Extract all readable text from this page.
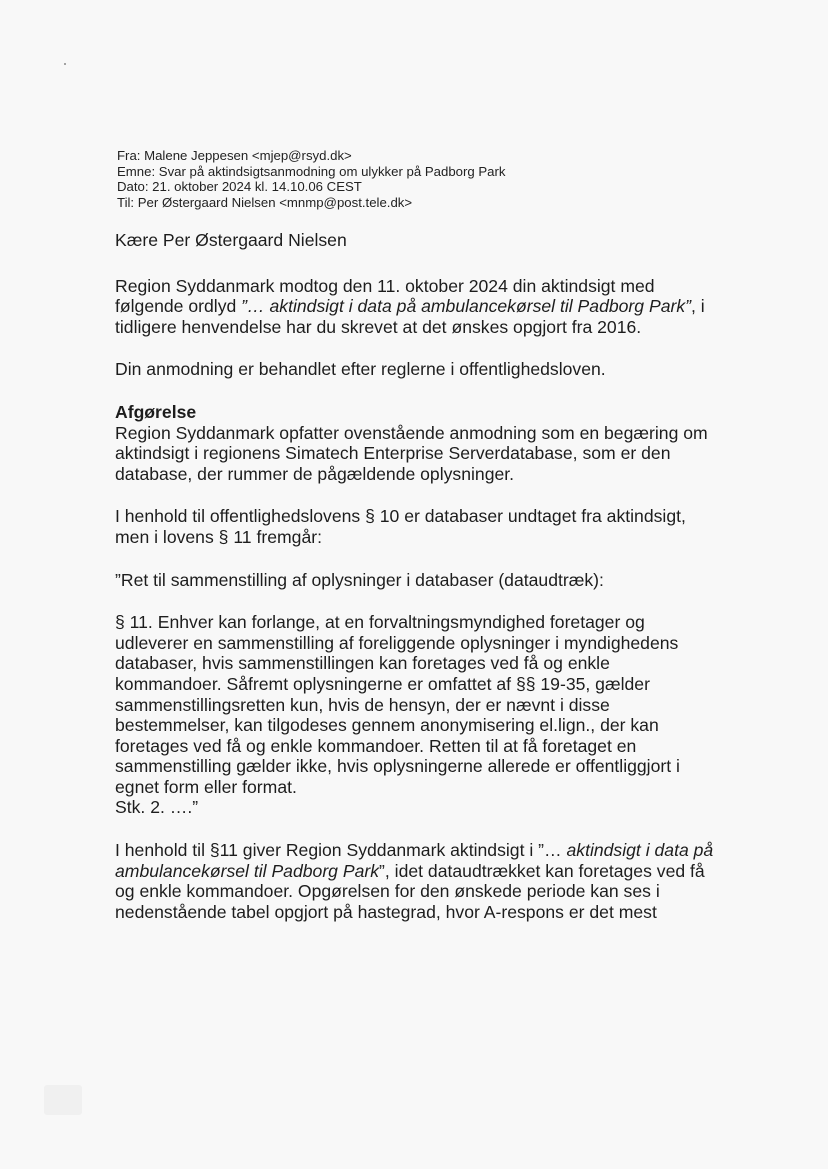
Fra: Malene Jeppesen <mjep@rsyd.dk>
Emne: Svar på aktindsigtsanmodning om ulykker på Padborg Park
Dato: 21. oktober 2024 kl. 14.10.06 CEST
Til: Per Østergaard Nielsen <mnmp@post.tele.dk>

Kære Per Østergaard Nielsen

Region Syddanmark modtog den 11. oktober 2024 din aktindsigt med
følgende ordlyd ”… aktindsigt i data på ambulancekørsel til Padborg Park”, i
tidligere henvendelse har du skrevet at det ønskes opgjort fra 2016.

Din anmodning er behandlet efter reglerne i offentlighedsloven.

Afgørelse

Region Syddanmark opfatter ovenstående anmodning som en begæring om
aktindsigt i regionens Simatech Enterprise Serverdatabase, som er den
database, der rummer de pågældende oplysninger.

I henhold til offentlighedslovens § 10 er databaser undtaget fra aktindsigt,
men i lovens § 11 fremgår:

”Ret til sammenstilling af oplysninger i databaser (dataudtræk):

§ 11. Enhver kan forlange, at en forvaltningsmyndighed foretager og
udleverer en sammenstilling af foreliggende oplysninger i myndighedens
databaser, hvis sammenstillingen kan foretages ved få og enkle
kommandoer. Såfremt oplysningerne er omfattet af §§ 19-35, gælder
sammenstillingsretten kun, hvis de hensyn, der er nævnt i disse
bestemmelser, kan tilgodeses gennem anonymisering el.lign., der kan
foretages ved få og enkle kommandoer. Retten til at få foretaget en
sammenstilling gælder ikke, hvis oplysningerne allerede er offentliggjort i
egnet form eller format.
Stk. 2. ….”

I henhold til §11 giver Region Syddanmark aktindsigt i ”… aktindsigt i data på
ambulancekørsel til Padborg Park”, idet dataudtrækket kan foretages ved få
og enkle kommandoer. Opgørelsen for den ønskede periode kan ses i
nedenstående tabel opgjort på hastegrad, hvor A-respons er det mest
